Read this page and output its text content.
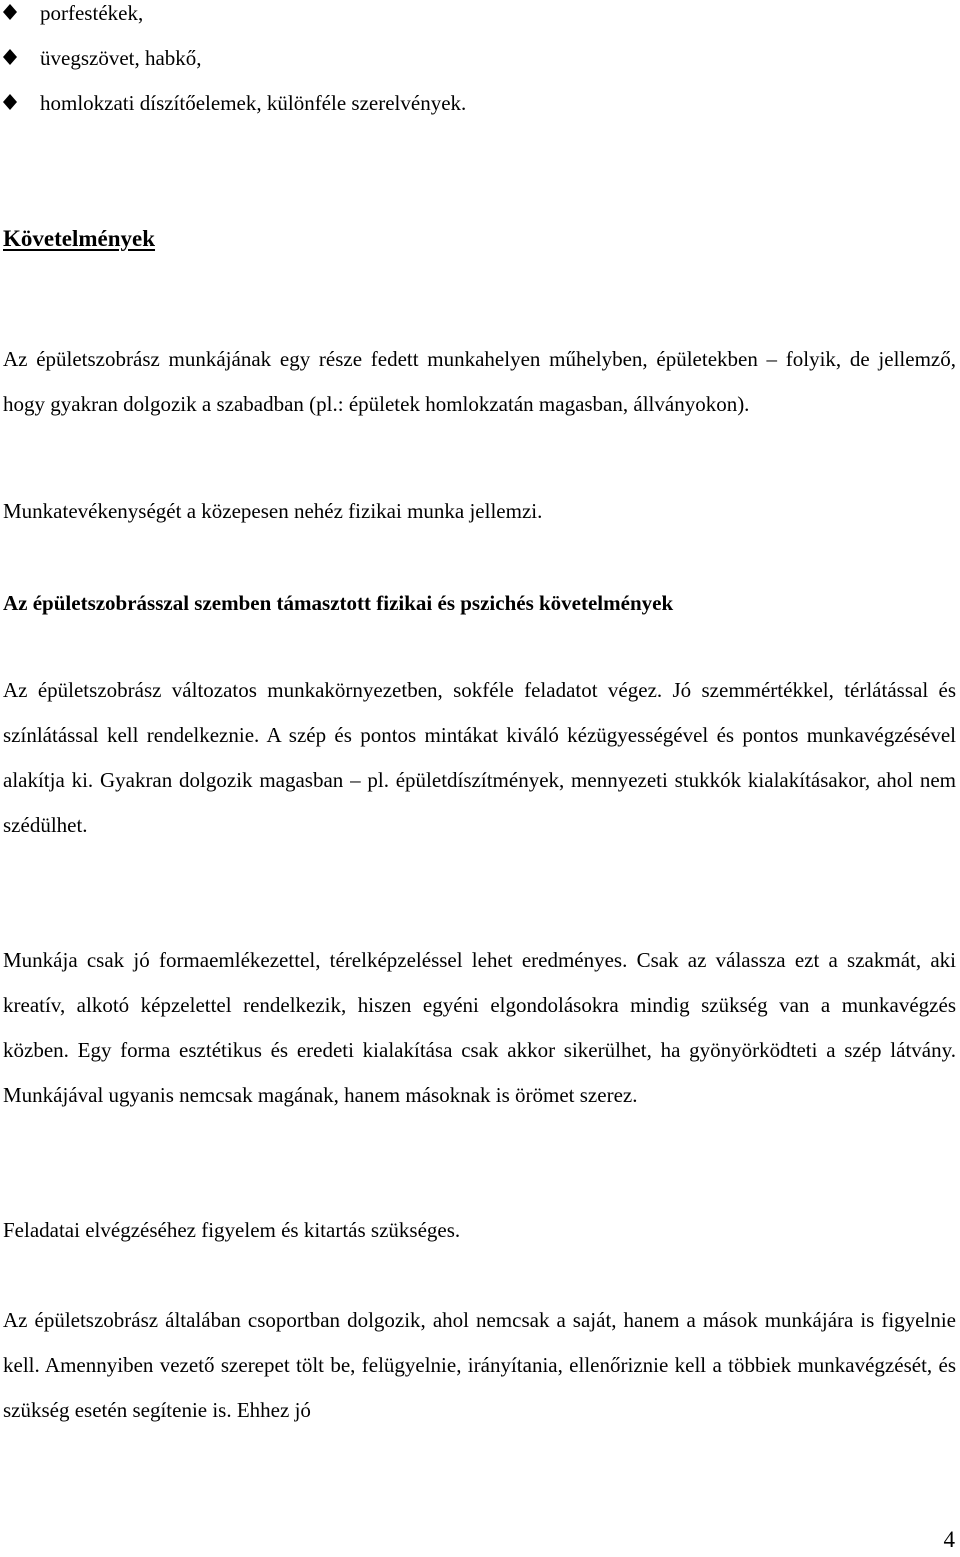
porfestékek,
üvegszövet, habkő,
homlokzati díszítőelemek, különféle szerelvények.
Követelmények

Az épületszobrász munkájának egy része fedett munkahelyen műhelyben, épületekben – folyik, de jellemző, hogy gyakran dolgozik a szabadban (pl.: épületek homlokzatán magasban, állványokon).

Munkatevékenységét a közepesen nehéz fizikai munka jellemzi.

Az épületszobrásszal szemben támasztott fizikai és pszichés követelmények

Az épületszobrász változatos munkakörnyezetben, sokféle feladatot végez. Jó szemmértékkel, térlátással és színlátással kell rendelkeznie. A szép és pontos mintákat kiváló kézügyességével és pontos munkavégzésével alakítja ki. Gyakran dolgozik magasban – pl. épületdíszítmények, mennyezeti stukkók kialakításakor, ahol nem szédülhet.

Munkája csak jó formaemlékezettel, térelképzeléssel lehet eredményes. Csak az válassza ezt a szakmát, aki kreatív, alkotó képzelettel rendelkezik, hiszen egyéni elgondolásokra mindig szükség van a munkavégzés közben. Egy forma esztétikus és eredeti kialakítása csak akkor sikerülhet, ha gyönyörködteti a szép látvány. Munkájával ugyanis nemcsak magának, hanem másoknak is örömet szerez.

Feladatai elvégzéséhez figyelem és kitartás szükséges.

Az épületszobrász általában csoportban dolgozik, ahol nemcsak a saját, hanem a mások munkájára is figyelnie kell. Amennyiben vezető szerepet tölt be, felügyelnie, irányítania, ellenőriznie kell a többiek munkavégzését, és szükség esetén segítenie is. Ehhez jó

4
